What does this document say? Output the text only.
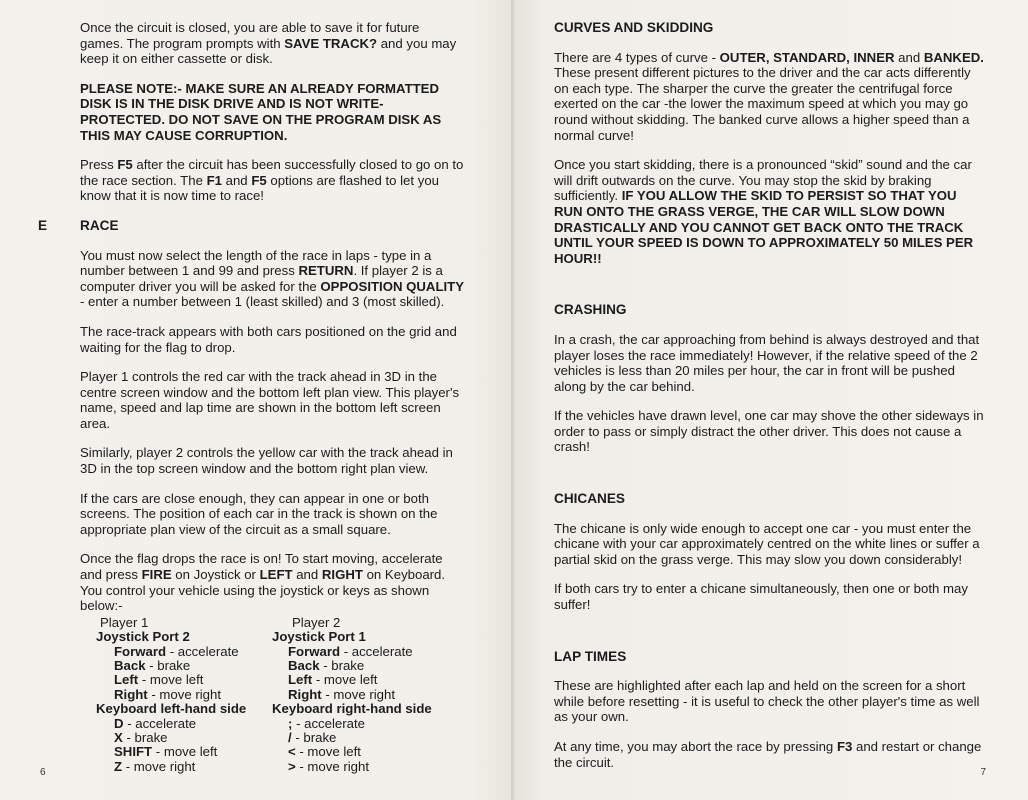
Once the circuit is closed, you are able to save it for future games. The program prompts with SAVE TRACK? and you may keep it on either cassette or disk.

PLEASE NOTE:- MAKE SURE AN ALREADY FORMATTED DISK IS IN THE DISK DRIVE AND IS NOT WRITE-PROTECTED. DO NOT SAVE ON THE PROGRAM DISK AS THIS MAY CAUSE CORRUPTION.

Press F5 after the circuit has been successfully closed to go on to the race section. The F1 and F5 options are flashed to let you know that it is now time to race!

E RACE

You must now select the length of the race in laps - type in a number between 1 and 99 and press RETURN. If player 2 is a computer driver you will be asked for the OPPOSITION QUALITY - enter a number between 1 (least skilled) and 3 (most skilled).

The race-track appears with both cars positioned on the grid and waiting for the flag to drop.

Player 1 controls the red car with the track ahead in 3D in the centre screen window and the bottom left plan view. This player's name, speed and lap time are shown in the bottom left screen area.

Similarly, player 2 controls the yellow car with the track ahead in 3D in the top screen window and the bottom right plan view.

If the cars are close enough, they can appear in one or both screens. The position of each car in the track is shown on the appropriate plan view of the circuit as a small square.

Once the flag drops the race is on! To start moving, accelerate and press FIRE on Joystick or LEFT and RIGHT on Keyboard. You control your vehicle using the joystick or keys as shown below:-

Player 1
Joystick Port 2
Forward - accelerate
Back - brake
Left - move left
Right - move right
Keyboard left-hand side
D - accelerate
X - brake
SHIFT - move left
Z - move right
Player 2
Joystick Port 1
Forward - accelerate
Back - brake
Left - move left
Right - move right
Keyboard right-hand side
; - accelerate
/ - brake
< - move left
> - move right
6
CURVES AND SKIDDING

There are 4 types of curve - OUTER, STANDARD, INNER and BANKED. These present different pictures to the driver and the car acts differently on each type. The sharper the curve the greater the centrifugal force exerted on the car -the lower the maximum speed at which you may go round without skidding. The banked curve allows a higher speed than a normal curve!

Once you start skidding, there is a pronounced “skid” sound and the car will drift outwards on the curve. You may stop the skid by braking sufficiently. IF YOU ALLOW THE SKID TO PERSIST SO THAT YOU RUN ONTO THE GRASS VERGE, THE CAR WILL SLOW DOWN DRASTICALLY AND YOU CANNOT GET BACK ONTO THE TRACK UNTIL YOUR SPEED IS DOWN TO APPROXIMATELY 50 MILES PER HOUR!!

CRASHING

In a crash, the car approaching from behind is always destroyed and that player loses the race immediately! However, if the relative speed of the 2 vehicles is less than 20 miles per hour, the car in front will be pushed along by the car behind.

If the vehicles have drawn level, one car may shove the other sideways in order to pass or simply distract the other driver. This does not cause a crash!

CHICANES

The chicane is only wide enough to accept one car - you must enter the chicane with your car approximately centred on the white lines or suffer a partial skid on the grass verge. This may slow you down considerably!

If both cars try to enter a chicane simultaneously, then one or both may suffer!

LAP TIMES

These are highlighted after each lap and held on the screen for a short while before resetting - it is useful to check the other player's time as well as your own.

At any time, you may abort the race by pressing F3 and restart or change the circuit.

7
